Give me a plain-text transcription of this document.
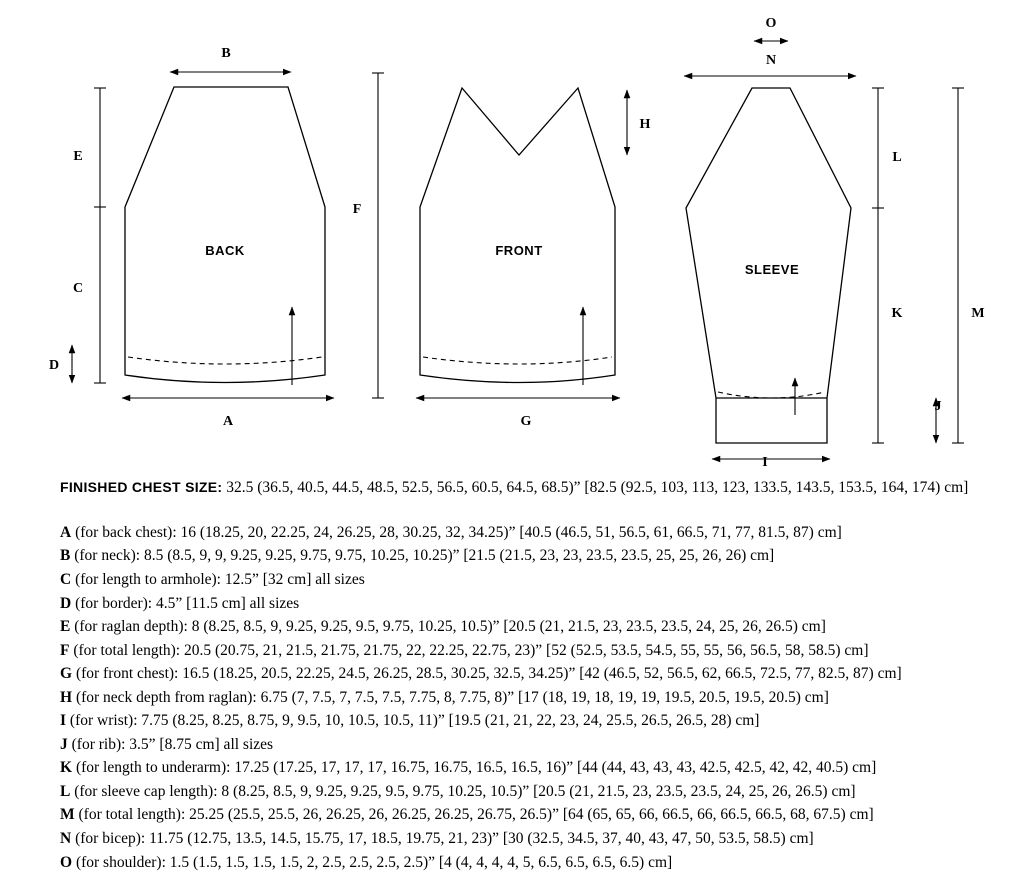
B
A
E
C
D
F
G
H
O
N
I
L
K
J
M
BACK	FRONT
SLEEVE
FINISHED CHEST SIZE: 32.5 (36.5, 40.5, 44.5, 48.5, 52.5, 56.5, 60.5, 64.5, 68.5)” [82.5 (92.5, 103, 113, 123, 133.5, 143.5, 153.5, 164, 174) cm]
A (for back chest): 16 (18.25, 20, 22.25, 24, 26.25, 28, 30.25, 32, 34.25)” [40.5 (46.5, 51, 56.5, 61, 66.5, 71, 77, 81.5, 87) cm]
B (for neck): 8.5 (8.5, 9, 9, 9.25, 9.25, 9.75, 9.75, 10.25, 10.25)” [21.5 (21.5, 23, 23, 23.5, 23.5, 25, 25, 26, 26) cm]
C (for length to armhole): 12.5” [32 cm] all sizes
D (for border): 4.5” [11.5 cm] all sizes
E (for raglan depth): 8 (8.25, 8.5, 9, 9.25, 9.25, 9.5, 9.75, 10.25, 10.5)” [20.5 (21, 21.5, 23, 23.5, 23.5, 24, 25, 26, 26.5) cm]
F (for total length): 20.5 (20.75, 21, 21.5, 21.75, 21.75, 22, 22.25, 22.75, 23)” [52 (52.5, 53.5, 54.5, 55, 55, 56, 56.5, 58, 58.5) cm]
G (for front chest): 16.5 (18.25, 20.5, 22.25, 24.5, 26.25, 28.5, 30.25, 32.5, 34.25)” [42 (46.5, 52, 56.5, 62, 66.5, 72.5, 77, 82.5, 87) cm]
H (for neck depth from raglan): 6.75 (7, 7.5, 7, 7.5, 7.5, 7.75, 8, 7.75, 8)” [17 (18, 19, 18, 19, 19, 19.5, 20.5, 19.5, 20.5) cm]
I (for wrist): 7.75 (8.25, 8.25, 8.75, 9, 9.5, 10, 10.5, 10.5, 11)” [19.5 (21, 21, 22, 23, 24, 25.5, 26.5, 26.5, 28) cm]
J (for rib): 3.5” [8.75 cm] all sizes
K (for length to underarm): 17.25 (17.25, 17, 17, 17, 16.75, 16.75, 16.5, 16.5, 16)” [44 (44, 43, 43, 43, 42.5, 42.5, 42, 42, 40.5) cm]
L (for sleeve cap length): 8 (8.25, 8.5, 9, 9.25, 9.25, 9.5, 9.75, 10.25, 10.5)” [20.5 (21, 21.5, 23, 23.5, 23.5, 24, 25, 26, 26.5) cm]
M (for total length): 25.25 (25.5, 25.5, 26, 26.25, 26, 26.25, 26.25, 26.75, 26.5)” [64 (65, 65, 66, 66.5, 66, 66.5, 66.5, 68, 67.5) cm]
N (for bicep): 11.75 (12.75, 13.5, 14.5, 15.75, 17, 18.5, 19.75, 21, 23)” [30 (32.5, 34.5, 37, 40, 43, 47, 50, 53.5, 58.5) cm]
O (for shoulder): 1.5 (1.5, 1.5, 1.5, 1.5, 2, 2.5, 2.5, 2.5, 2.5)” [4 (4, 4, 4, 4, 5, 6.5, 6.5, 6.5, 6.5) cm]
